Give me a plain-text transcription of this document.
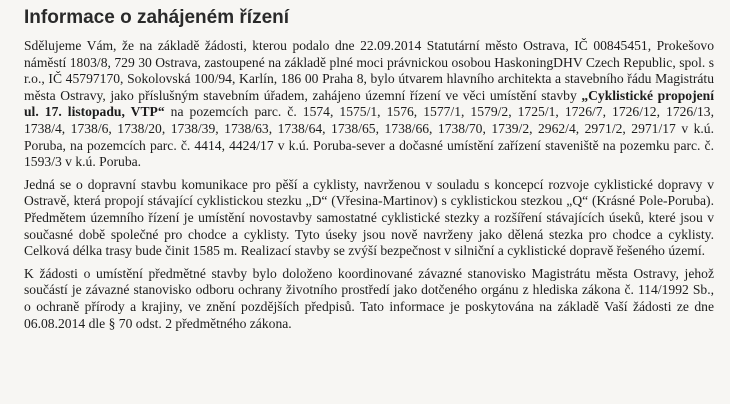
Informace o zahájeném řízení

Sdělujeme Vám, že na základě žádosti, kterou podalo dne 22.09.2014 Statutární město Ostrava, IČ 00845451, Prokešovo náměstí 1803/8, 729 30 Ostrava, zastoupené na základě plné moci právnickou osobou HaskoningDHV Czech Republic, spol. s r.o., IČ 45797170, Sokolovská 100/94, Karlín, 186 00 Praha 8, bylo útvarem hlavního architekta a stavebního řádu Magistrátu města Ostravy, jako příslušným stavebním úřadem, zahájeno územní řízení ve věci umístění stavby „Cyklistické propojení ul. 17. listopadu, VTP“ na pozemcích parc. č. 1574, 1575/1, 1576, 1577/1, 1579/2, 1725/1, 1726/7, 1726/12, 1726/13, 1738/4, 1738/6, 1738/20, 1738/39, 1738/63, 1738/64, 1738/65, 1738/66, 1738/70, 1739/2, 2962/4, 2971/2, 2971/17 v k.ú. Poruba, na pozemcích parc. č. 4414, 4424/17 v k.ú. Poruba-sever a dočasné umístění zařízení staveniště na pozemku parc. č. 1593/3 v k.ú. Poruba.

Jedná se o dopravní stavbu komunikace pro pěší a cyklisty, navrženou v souladu s koncepcí rozvoje cyklistické dopravy v Ostravě, která propojí stávající cyklistickou stezku „D“ (Vřesina-Martinov) s cyklistickou stezkou „Q“ (Krásné Pole-Poruba). Předmětem územního řízení je umístění novostavby samostatné cyklistické stezky a rozšíření stávajících úseků, které jsou v současné době společné pro chodce a cyklisty. Tyto úseky jsou nově navrženy jako dělená stezka pro chodce a cyklisty. Celková délka trasy bude činit 1585 m. Realizací stavby se zvýší bezpečnost v silniční a cyklistické dopravě řešeného území.

K žádosti o umístění předmětné stavby bylo doloženo koordinované závazné stanovisko Magistrátu města Ostravy, jehož součástí je závazné stanovisko odboru ochrany životního prostředí jako dotčeného orgánu z hlediska zákona č. 114/1992 Sb., o ochraně přírody a krajiny, ve znění pozdějších předpisů. Tato informace je poskytována na základě Vaší žádosti ze dne 06.08.2014 dle § 70 odst. 2 předmětného zákona.
